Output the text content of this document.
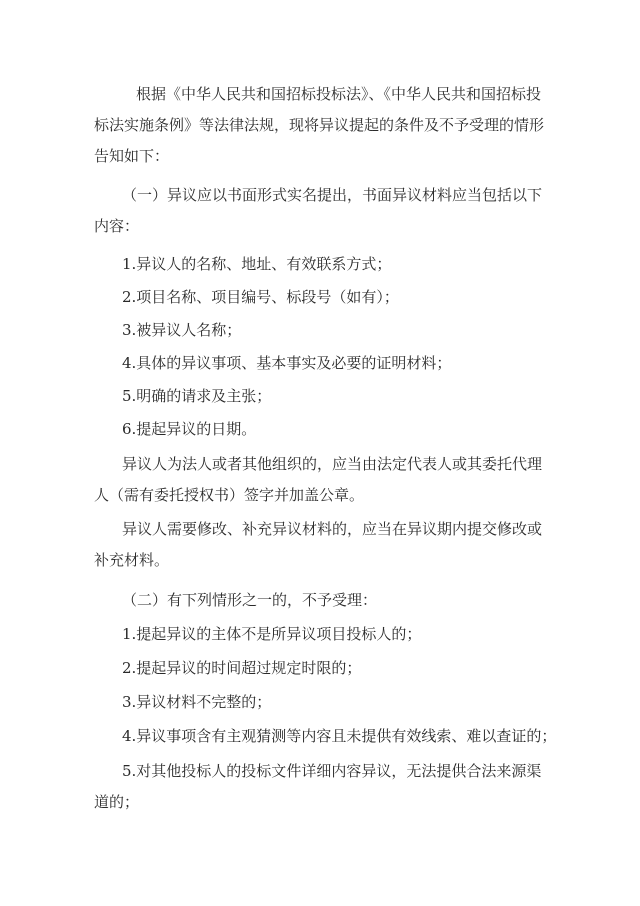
根据《中华人民共和国招标投标法》、《中华人民共和国招标投
标法实施条例》等法律法规，现将异议提起的条件及不予受理的情形
告知如下：
（一）异议应以书面形式实名提出，书面异议材料应当包括以下
内容：
1.异议人的名称、地址、有效联系方式；
2.项目名称、项目编号、标段号（如有）；
3.被异议人名称；
4.具体的异议事项、基本事实及必要的证明材料；
5.明确的请求及主张；
6.提起异议的日期。
异议人为法人或者其他组织的，应当由法定代表人或其委托代理
人（需有委托授权书）签字并加盖公章。
异议人需要修改、补充异议材料的，应当在异议期内提交修改或
补充材料。
（二）有下列情形之一的，不予受理：
1.提起异议的主体不是所异议项目投标人的；
2.提起异议的时间超过规定时限的；
3.异议材料不完整的；
4.异议事项含有主观猜测等内容且未提供有效线索、难以查证的；
5.对其他投标人的投标文件详细内容异议，无法提供合法来源渠
道的；
